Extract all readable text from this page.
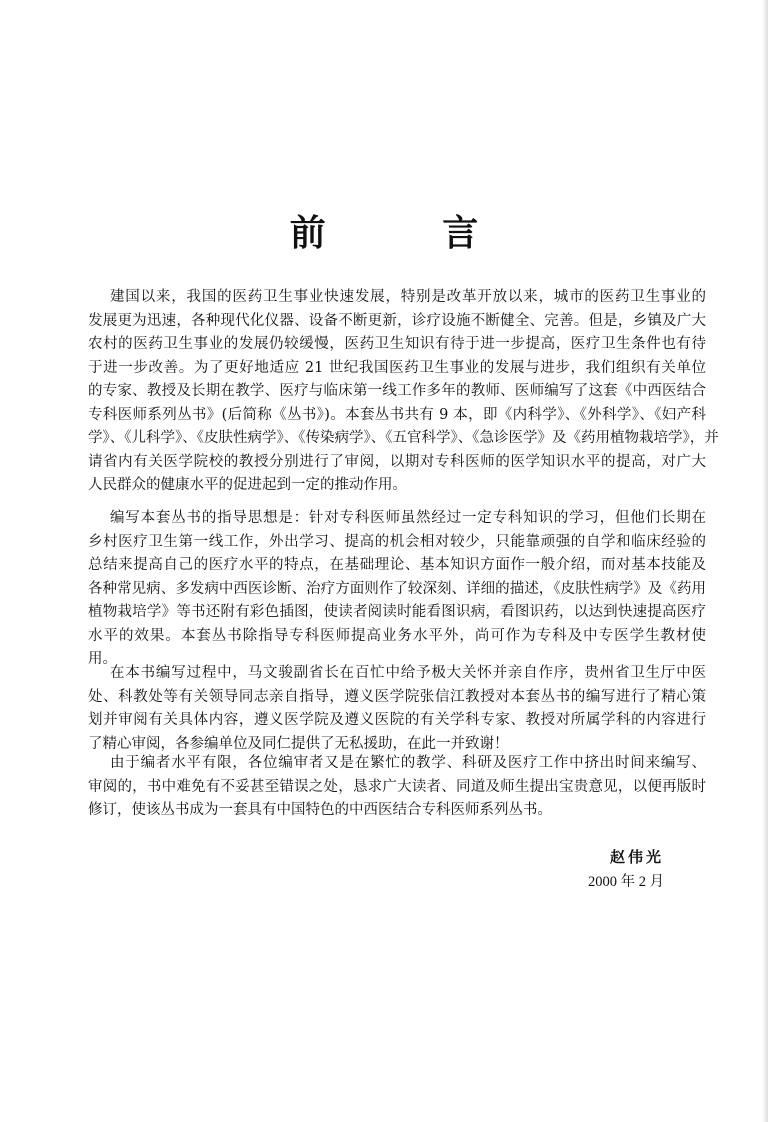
前 言
建国以来，我国的医药卫生事业快速发展，特别是改革开放以来，城市的医药卫生事业的
发展更为迅速，各种现代化仪器、设备不断更新，诊疗设施不断健全、完善。但是，乡镇及广大
农村的医药卫生事业的发展仍较缓慢，医药卫生知识有待于进一步提高，医疗卫生条件也有待
于进一步改善。为了更好地适应 21 世纪我国医药卫生事业的发展与进步，我们组织有关单位
的专家、教授及长期在教学、医疗与临床第一线工作多年的教师、医师编写了这套《中西医结合
专科医师系列丛书》(后简称《丛书》)。本套丛书共有 9 本，即《内科学》、《外科学》、《妇产科
学》、《儿科学》、《皮肤性病学》、《传染病学》、《五官科学》、《急诊医学》及《药用植物栽培学》，并
请省内有关医学院校的教授分别进行了审阅，以期对专科医师的医学知识水平的提高，对广大
人民群众的健康水平的促进起到一定的推动作用。
编写本套丛书的指导思想是：针对专科医师虽然经过一定专科知识的学习，但他们长期在
乡村医疗卫生第一线工作，外出学习、提高的机会相对较少，只能靠顽强的自学和临床经验的
总结来提高自己的医疗水平的特点，在基础理论、基本知识方面作一般介绍，而对基本技能及
各种常见病、多发病中西医诊断、治疗方面则作了较深刻、详细的描述，《皮肤性病学》及《药用
植物栽培学》等书还附有彩色插图，使读者阅读时能看图识病，看图识药，以达到快速提高医疗
水平的效果。本套丛书除指导专科医师提高业务水平外，尚可作为专科及中专医学生教材使
用。
在本书编写过程中，马文骏副省长在百忙中给予极大关怀并亲自作序，贵州省卫生厅中医
处、科教处等有关领导同志亲自指导，遵义医学院张信江教授对本套丛书的编写进行了精心策
划并审阅有关具体内容，遵义医学院及遵义医院的有关学科专家、教授对所属学科的内容进行
了精心审阅，各参编单位及同仁提供了无私援助，在此一并致谢！
由于编者水平有限，各位编审者又是在繁忙的教学、科研及医疗工作中挤出时间来编写、
审阅的，书中难免有不妥甚至错误之处，恳求广大读者、同道及师生提出宝贵意见，以便再版时
修订，使该丛书成为一套具有中国特色的中西医结合专科医师系列丛书。
赵伟光
2000 年 2 月
